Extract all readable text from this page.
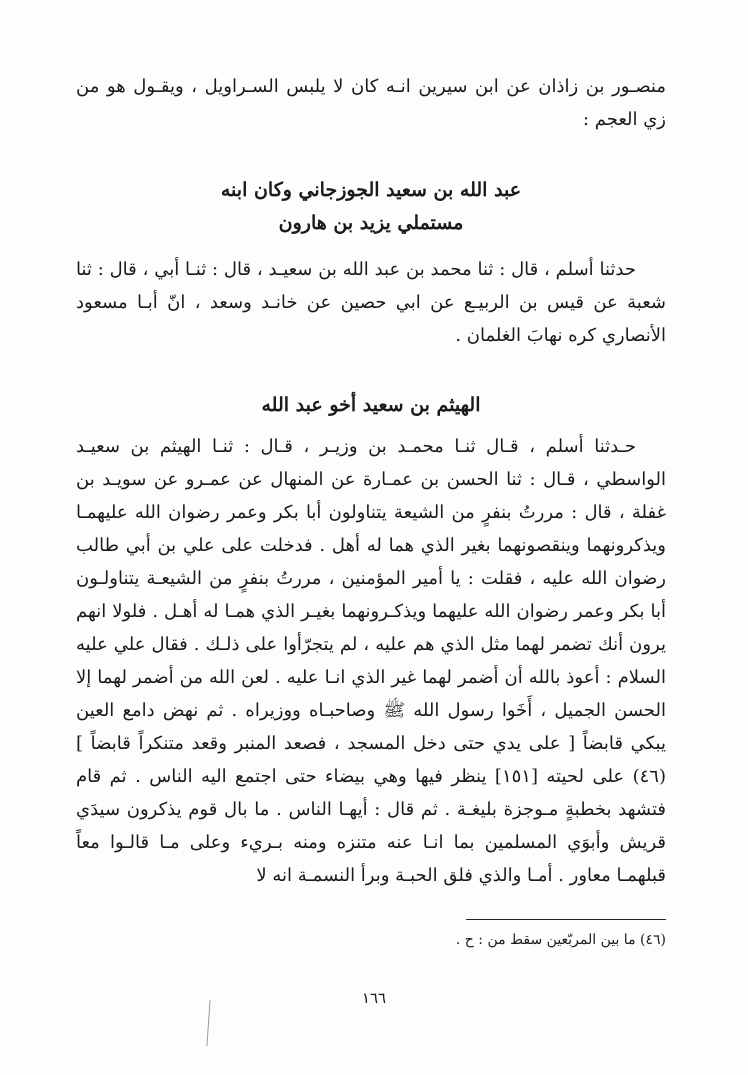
منصـور بن زاذان عن ابن سيرين انـه كان لا يلبس السـراويل ، ويقـول هو من زي العجم :

عبد الله بن سعيد الجوزجاني وكان ابنه
مستملي يزيد بن هارون

حدثنا أسلم ، قال : ثنا محمد بن عبد الله بن سعيـد ، قال : ثنـا أبي ، قال : ثنا شعبة عن قيس بن الربيـع عن ابي حصين عن خانـد وسعد ، انّ أبـا مسعود الأنصاري كره نهابَ الغلمان .

الهيثم بن سعيد أخو عبد الله

حـدثنا أسلم ، قـال ثنـا محمـد بن وزيـر ، قـال : ثنـا الهيثم بن سعيـد الواسطي ، قـال : ثنا الحسن بن عمـارة عن المنهال عن عمـرو عن سويـد بن غفلة ، قال : مررتُ بنفرٍ من الشيعة يتناولون أبا بكر وعمر رضوان الله عليهمـا ويذكرونهما وينقصونهما بغير الذي هما له أهل . فدخلت على علي بن أبي طالب رضوان الله عليه ، فقلت : يا أمير المؤمنين ، مررتُ بنفرٍ من الشيعـة يتناولـون أبا بكر وعمر رضوان الله عليهما ويذكـرونهما بغيـر الذي همـا له أهـل . فلولا انهم يرون أنك تضمر لهما مثل الذي هم عليه ، لم يتجرّأوا على ذلـك . فقال علي عليه السلام : أعوذ بالله أن أضمر لهما غير الذي انـا عليه . لعن الله من أضمر لهما إلا الحسن الجميل ، أَخَوا رسول الله ﷺ وصاحبـاه ووزيراه . ثم نهض دامع العين يبكي قابضاً [ على يدي حتى دخل المسجد ، فصعد المنبر وقعد متنكراً قابضاً ] (٤٦) على لحيته [١٥١] ينظر فيها وهي بيضاء حتى اجتمع اليه الناس . ثم قام فتشهد بخطبةٍ مـوجزة بليغـة . ثم قال : أيهـا الناس . ما بال قوم يذكرون سيدَي قريش وأبوَي المسلمين بما انـا عنه متنزه ومنه بـريء وعلى مـا قالـوا معاً قبلهمـا معاور . أمـا والذي فلق الحبـة وبرأ النسمـة انه لا

(٤٦) ما بين المربّعين سقط من : ح .
١٦٦
